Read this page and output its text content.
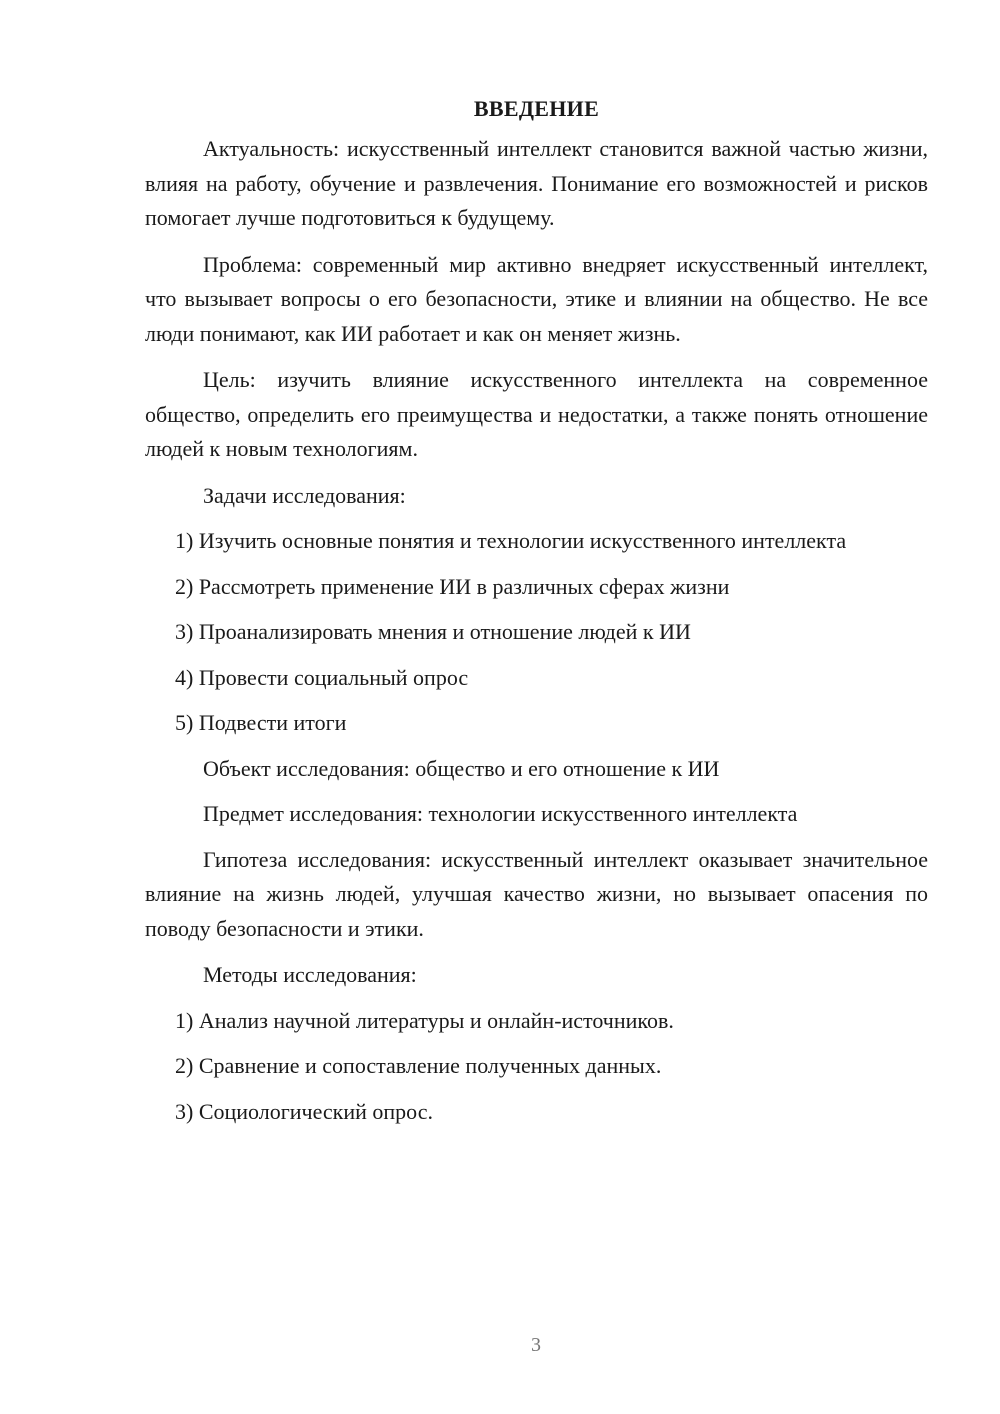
ВВЕДЕНИЕ

Актуальность: искусственный интеллект становится важной частью жизни, влияя на работу, обучение и развлечения. Понимание его возможностей и рисков помогает лучше подготовиться к будущему.

Проблема: современный мир активно внедряет искусственный интеллект, что вызывает вопросы о его безопасности, этике и влиянии на общество. Не все люди понимают, как ИИ работает и как он меняет жизнь.

Цель: изучить влияние искусственного интеллекта на современное общество, определить его преимущества и недостатки, а также понять отношение людей к новым технологиям.

Задачи исследования:

1) Изучить основные понятия и технологии искусственного интеллекта

2) Рассмотреть применение ИИ в различных сферах жизни

3) Проанализировать мнения и отношение людей к ИИ

4) Провести социальный опрос

5) Подвести итоги

Объект исследования: общество и его отношение к ИИ

Предмет исследования: технологии искусственного интеллекта

Гипотеза исследования: искусственный интеллект оказывает значительное влияние на жизнь людей, улучшая качество жизни, но вызывает опасения по поводу безопасности и этики.

Методы исследования:

1) Анализ научной литературы и онлайн-источников.

2) Сравнение и сопоставление полученных данных.

3) Социологический опрос.

3
